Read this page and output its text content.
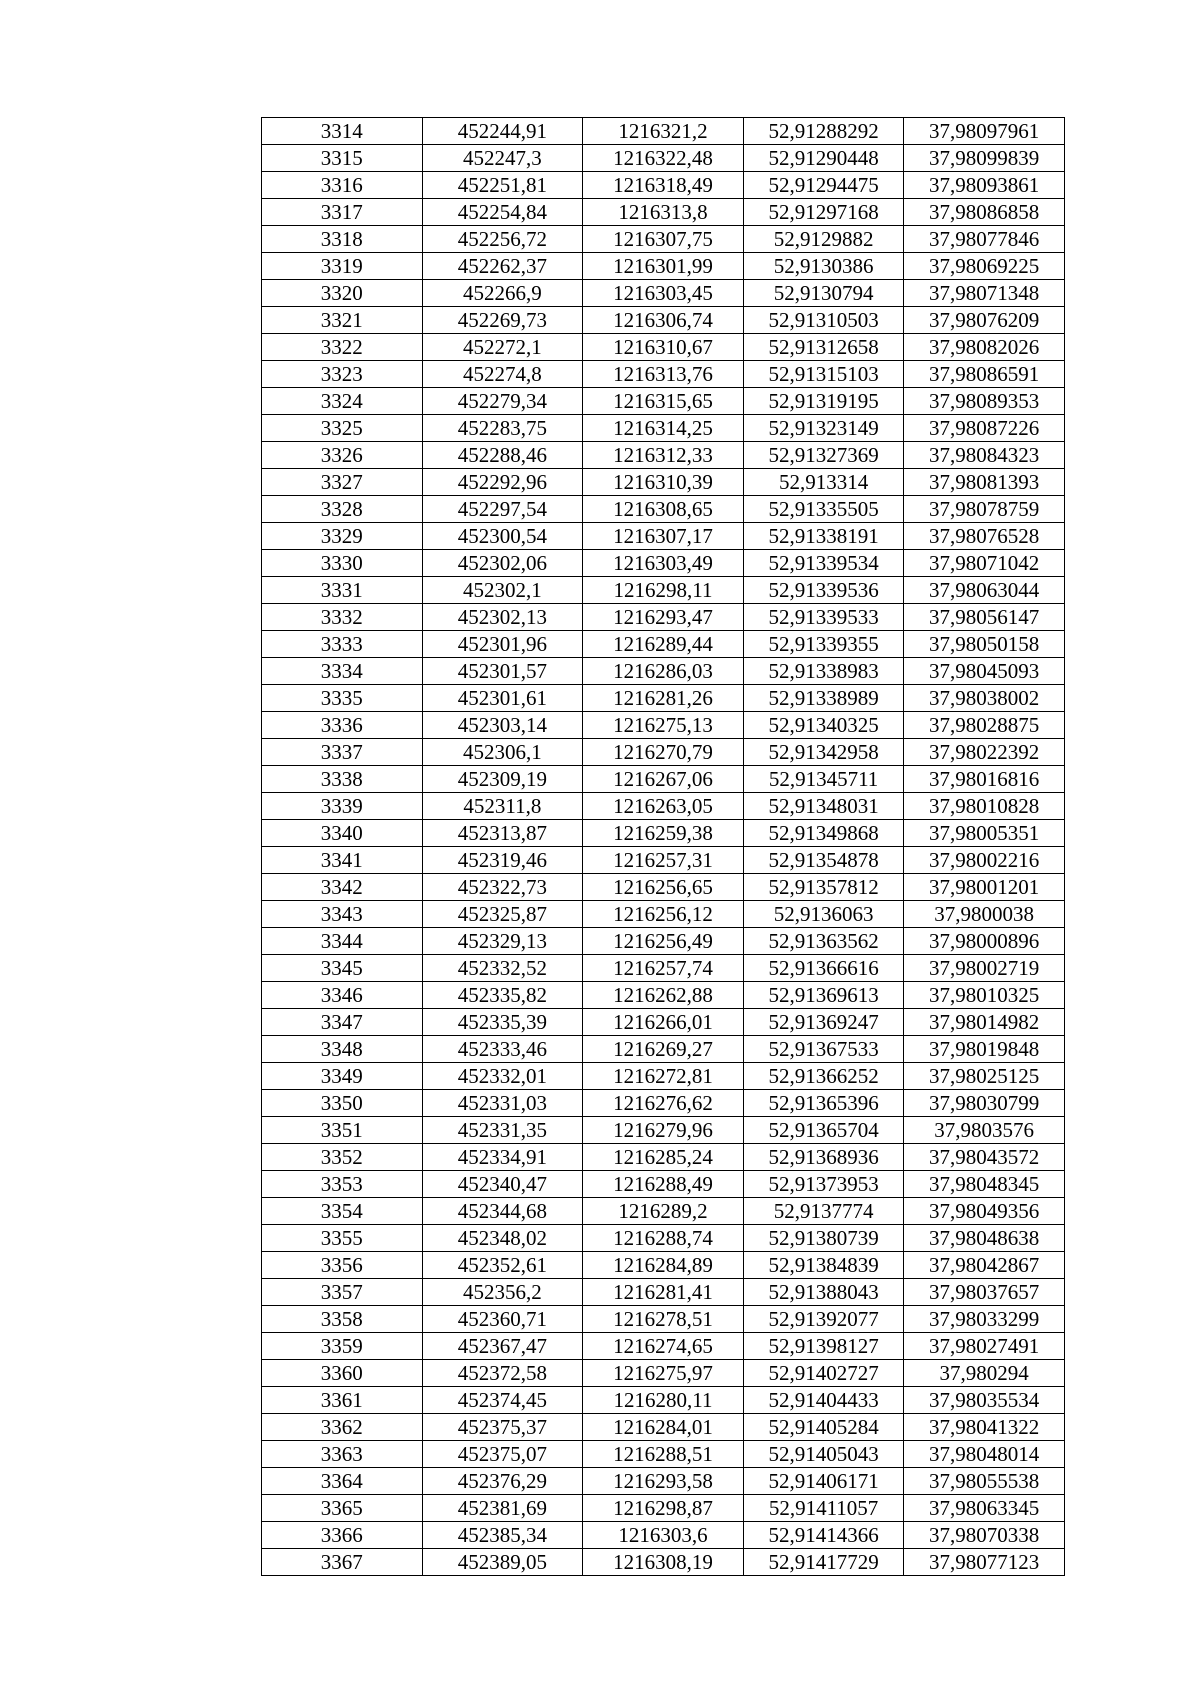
3314	452244,91	1216321,2	52,91288292	37,98097961
3315	452247,3	1216322,48	52,91290448	37,98099839
3316	452251,81	1216318,49	52,91294475	37,98093861
3317	452254,84	1216313,8	52,91297168	37,98086858
3318	452256,72	1216307,75	52,9129882	37,98077846
3319	452262,37	1216301,99	52,9130386	37,98069225
3320	452266,9	1216303,45	52,9130794	37,98071348
3321	452269,73	1216306,74	52,91310503	37,98076209
3322	452272,1	1216310,67	52,91312658	37,98082026
3323	452274,8	1216313,76	52,91315103	37,98086591
3324	452279,34	1216315,65	52,91319195	37,98089353
3325	452283,75	1216314,25	52,91323149	37,98087226
3326	452288,46	1216312,33	52,91327369	37,98084323
3327	452292,96	1216310,39	52,913314	37,98081393
3328	452297,54	1216308,65	52,91335505	37,98078759
3329	452300,54	1216307,17	52,91338191	37,98076528
3330	452302,06	1216303,49	52,91339534	37,98071042
3331	452302,1	1216298,11	52,91339536	37,98063044
3332	452302,13	1216293,47	52,91339533	37,98056147
3333	452301,96	1216289,44	52,91339355	37,98050158
3334	452301,57	1216286,03	52,91338983	37,98045093
3335	452301,61	1216281,26	52,91338989	37,98038002
3336	452303,14	1216275,13	52,91340325	37,98028875
3337	452306,1	1216270,79	52,91342958	37,98022392
3338	452309,19	1216267,06	52,91345711	37,98016816
3339	452311,8	1216263,05	52,91348031	37,98010828
3340	452313,87	1216259,38	52,91349868	37,98005351
3341	452319,46	1216257,31	52,91354878	37,98002216
3342	452322,73	1216256,65	52,91357812	37,98001201
3343	452325,87	1216256,12	52,9136063	37,9800038
3344	452329,13	1216256,49	52,91363562	37,98000896
3345	452332,52	1216257,74	52,91366616	37,98002719
3346	452335,82	1216262,88	52,91369613	37,98010325
3347	452335,39	1216266,01	52,91369247	37,98014982
3348	452333,46	1216269,27	52,91367533	37,98019848
3349	452332,01	1216272,81	52,91366252	37,98025125
3350	452331,03	1216276,62	52,91365396	37,98030799
3351	452331,35	1216279,96	52,91365704	37,9803576
3352	452334,91	1216285,24	52,91368936	37,98043572
3353	452340,47	1216288,49	52,91373953	37,98048345
3354	452344,68	1216289,2	52,9137774	37,98049356
3355	452348,02	1216288,74	52,91380739	37,98048638
3356	452352,61	1216284,89	52,91384839	37,98042867
3357	452356,2	1216281,41	52,91388043	37,98037657
3358	452360,71	1216278,51	52,91392077	37,98033299
3359	452367,47	1216274,65	52,91398127	37,98027491
3360	452372,58	1216275,97	52,91402727	37,980294
3361	452374,45	1216280,11	52,91404433	37,98035534
3362	452375,37	1216284,01	52,91405284	37,98041322
3363	452375,07	1216288,51	52,91405043	37,98048014
3364	452376,29	1216293,58	52,91406171	37,98055538
3365	452381,69	1216298,87	52,91411057	37,98063345
3366	452385,34	1216303,6	52,91414366	37,98070338
3367	452389,05	1216308,19	52,91417729	37,98077123
